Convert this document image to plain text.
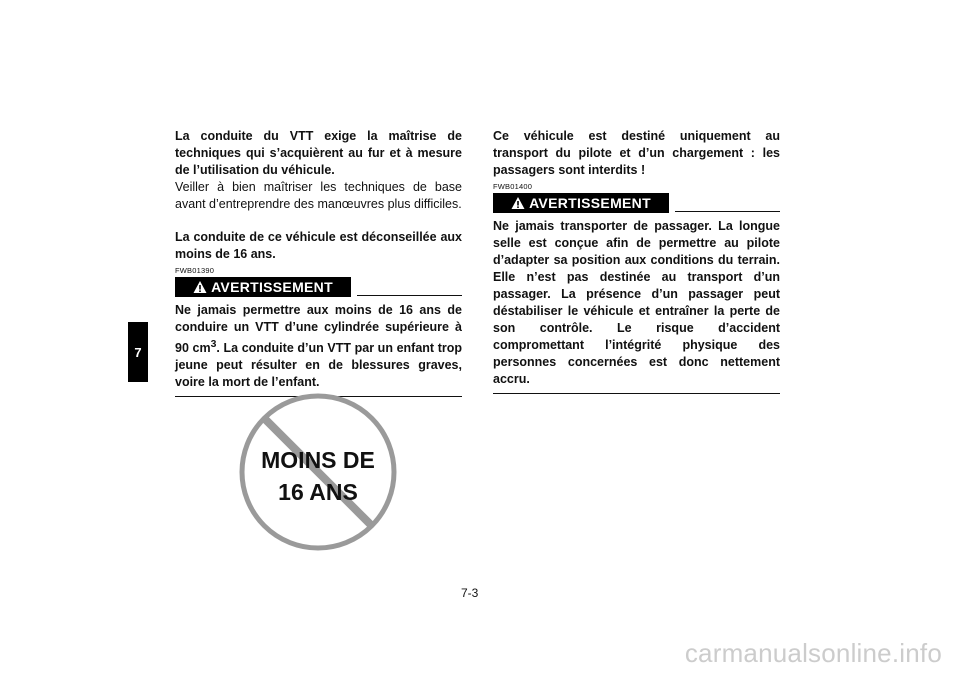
7

La conduite du VTT exige la maîtrise de techniques qui s’acquièrent au fur et à mesure de l’utilisation du véhicule.

Veiller à bien maîtriser les techniques de base avant d’entreprendre des manœuvres plus difficiles.

La conduite de ce véhicule est déconseillée aux moins de 16 ans.

FWB01390
AVERTISSEMENT

Ne jamais permettre aux moins de 16 ans de conduire un VTT d’une cylindrée supérieure à 90 $cm^3$. La conduite d’un VTT par un enfant trop jeune peut résulter en de blessures graves, voire la mort de l’enfant.

MOINS DE
16 ANS

Ce véhicule est destiné uniquement au transport du pilote et d’un chargement : les passagers sont interdits !

FWB01400
AVERTISSEMENT

Ne jamais transporter de passager. La longue selle est conçue afin de permettre au pilote d’adapter sa position aux conditions du terrain. Elle n’est pas destinée au transport d’un passager. La présence d’un passager peut déstabiliser le véhicule et entraîner la perte de son contrôle. Le risque d’accident compromettant l’intégrité physique des personnes concernées est donc nettement accru.

7-3
carmanualsonline.info
